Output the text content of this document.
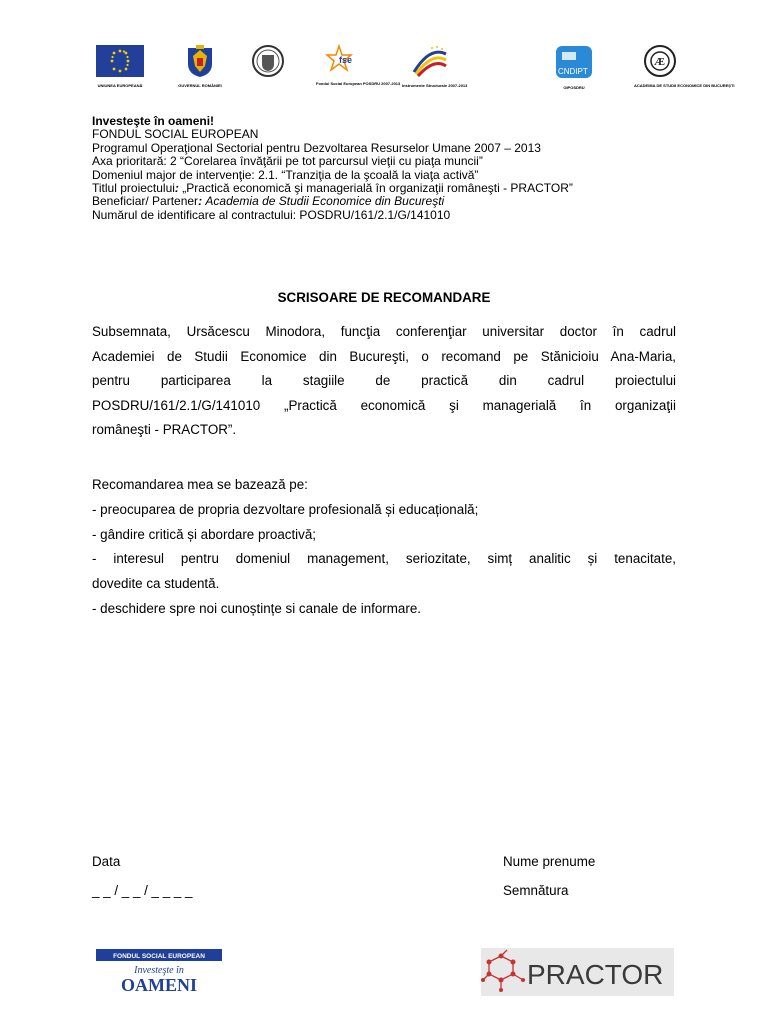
UNIUNEA EUROPEANĂ	GUVERNUL ROMÂNIEI
fse
Fondul Social European POSDRU 2007-2013 Instrumente Structurale 2007-2013
CNDIPT
OIPOSDRU
Æ
ACADEMIA DE STUDII ECONOMICE DIN BUCUREȘTI
Investeşte în oameni!
FONDUL SOCIAL EUROPEAN
Programul Operaţional Sectorial pentru Dezvoltarea Resurselor Umane 2007 – 2013
Axa prioritară: 2 “Corelarea învăţării pe tot parcursul vieţii cu piaţa muncii”
Domeniul major de intervenţie: 2.1. “Tranziţia de la şcoală la viaţa activă”
Titlul proiectului: „Practică economică şi managerială în organizaţii româneşti - PRACTOR”
Beneficiar/ Partener: Academia de Studii Economice din Bucureşti
Numărul de identificare al contractului: POSDRU/161/2.1/G/141010
SCRISOARE DE RECOMANDARE
Subsemnata, Ursăcescu Minodora, funcţia conferenţiar universitar doctor în cadrul
Academiei de Studii Economice din Bucureşti, o recomand pe Stănicioiu Ana-Maria,
pentru participarea la stagiile de practică din cadrul proiectului
POSDRU/161/2.1/G/141010 „Practică economică şi managerială în organizaţii
româneşti - PRACTOR”.
Recomandarea mea se bazează pe:
- preocuparea de propria dezvoltare profesională și educațională;
- gândire critică și abordare proactivă;
- interesul pentru domeniul management, seriozitate, simț analitic și tenacitate,
dovedite ca studentă.
- deschidere spre noi cunoștințe si canale de informare.
Data
_ _ / _ _ / _ _ _ _
Nume prenume
Semnătura
FONDUL SOCIAL EUROPEAN
Investeşte în
OAMENI	PRACTOR
